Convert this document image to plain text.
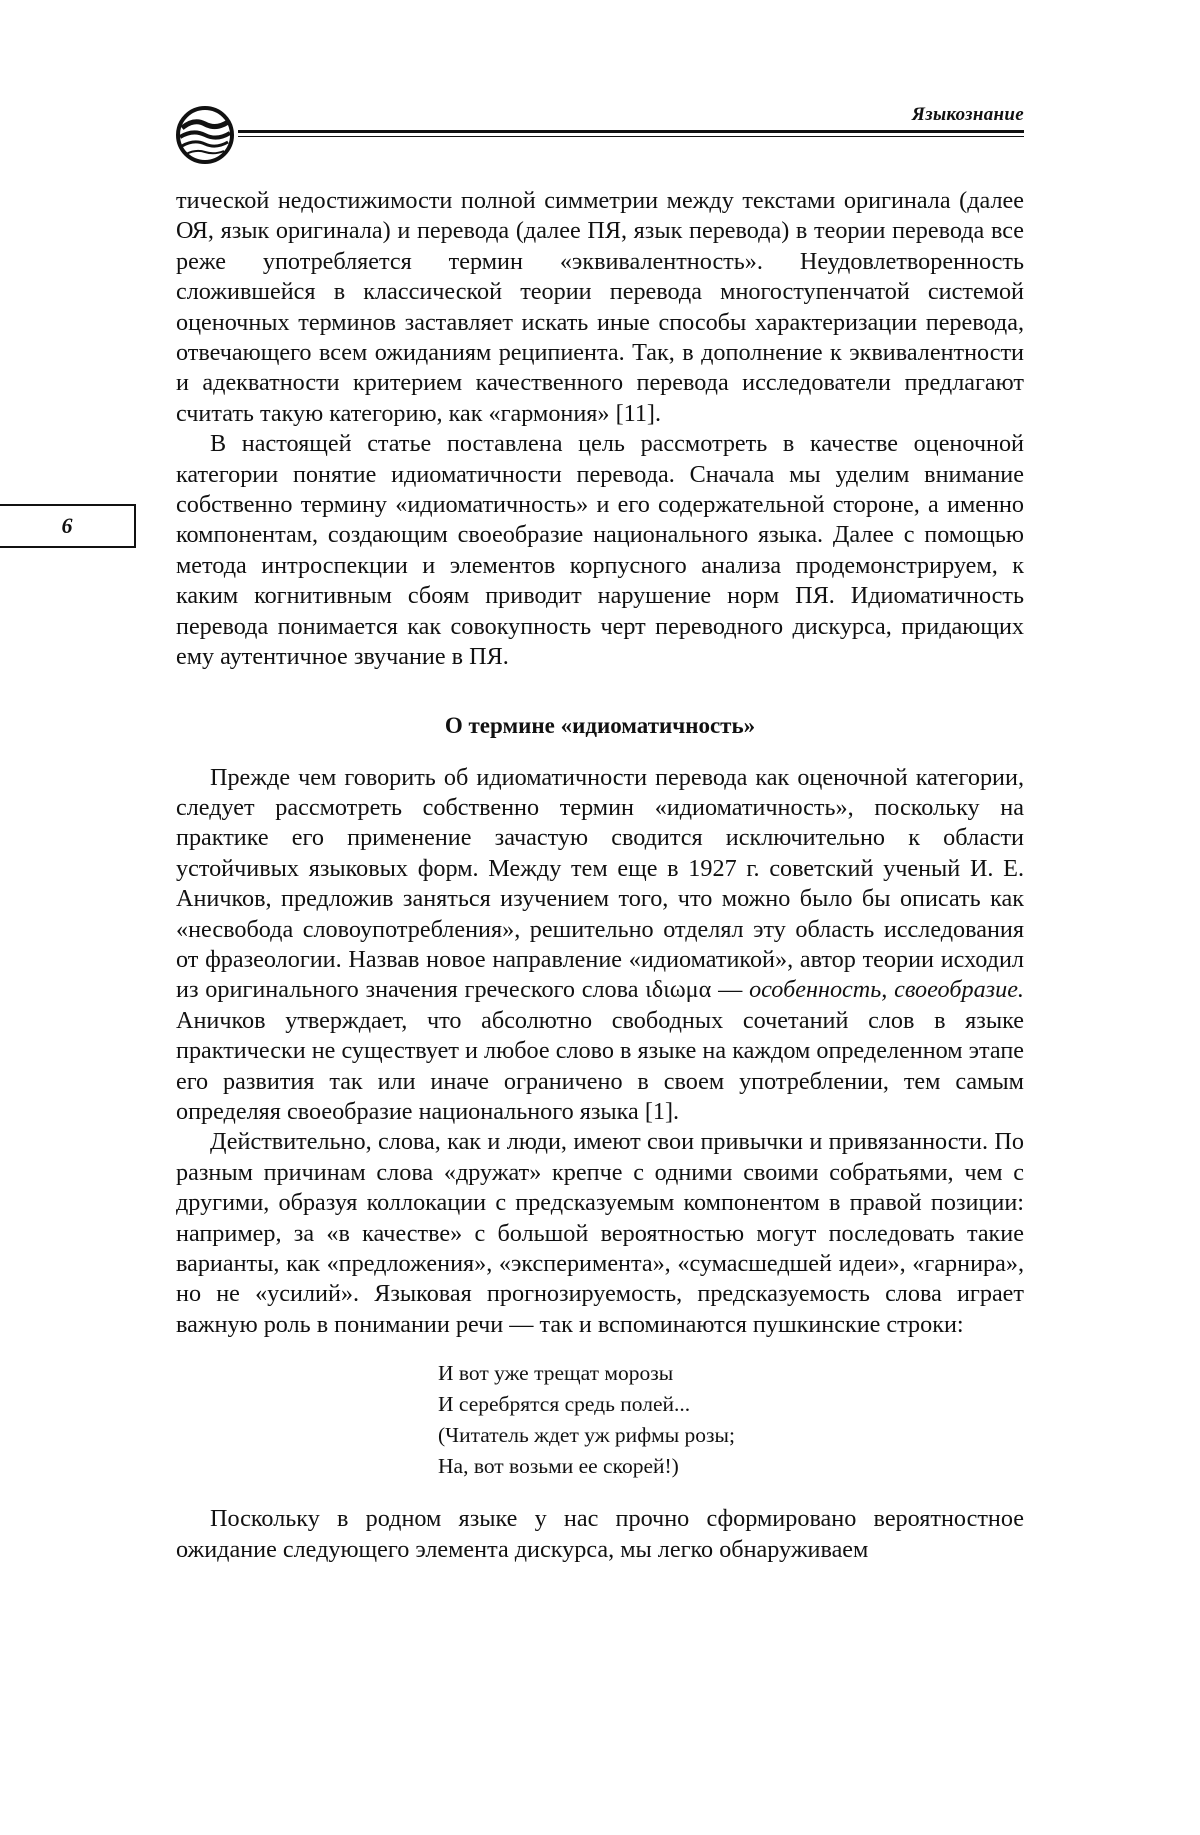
Языкознание
6

тической недостижимости полной симметрии между текстами оригинала (далее ОЯ, язык оригинала) и перевода (далее ПЯ, язык перевода) в теории перевода все реже употребляется термин «эквивалентность». Неудовлетворенность сложившейся в классической теории перевода многоступенчатой системой оценочных терминов заставляет искать иные способы характеризации перевода, отвечающего всем ожиданиям реципиента. Так, в дополнение к эквивалентности и адекватности критерием качественного перевода исследователи предлагают считать такую категорию, как «гармония» [11].

В настоящей статье поставлена цель рассмотреть в качестве оценочной категории понятие идиоматичности перевода. Сначала мы уделим внимание собственно термину «идиоматичность» и его содержательной стороне, а именно компонентам, создающим своеобразие национального языка. Далее с помощью метода интроспекции и элементов корпусного анализа продемонстрируем, к каким когнитивным сбоям приводит нарушение норм ПЯ. Идиоматичность перевода понимается как совокупность черт переводного дискурса, придающих ему аутентичное звучание в ПЯ.

О термине «идиоматичность»

Прежде чем говорить об идиоматичности перевода как оценочной категории, следует рассмотреть собственно термин «идиоматичность», поскольку на практике его применение зачастую сводится исключительно к области устойчивых языковых форм. Между тем еще в 1927 г. советский ученый И. Е. Аничков, предложив заняться изучением того, что можно было бы описать как «несвобода словоупотребления», решительно отделял эту область исследования от фразеологии. Назвав новое направление «идиоматикой», автор теории исходил из оригинального значения греческого слова ιδιωμα — особенность, своеобразие. Аничков утверждает, что абсолютно свободных сочетаний слов в языке практически не существует и любое слово в языке на каждом определенном этапе его развития так или иначе ограничено в своем употреблении, тем самым определяя своеобразие национального языка [1].

Действительно, слова, как и люди, имеют свои привычки и привязанности. По разным причинам слова «дружат» крепче с одними своими собратьями, чем с другими, образуя коллокации с предсказуемым компонентом в правой позиции: например, за «в качестве» с большой вероятностью могут последовать такие варианты, как «предложения», «эксперимента», «сумасшедшей идеи», «гарнира», но не «усилий». Языковая прогнозируемость, предсказуемость слова играет важную роль в понимании речи — так и вспоминаются пушкинские строки:

И вот уже трещат морозы
И серебрятся средь полей...
(Читатель ждет уж рифмы розы;
На, вот возьми ее скорей!)

Поскольку в родном языке у нас прочно сформировано вероятностное ожидание следующего элемента дискурса, мы легко обнаруживаем
